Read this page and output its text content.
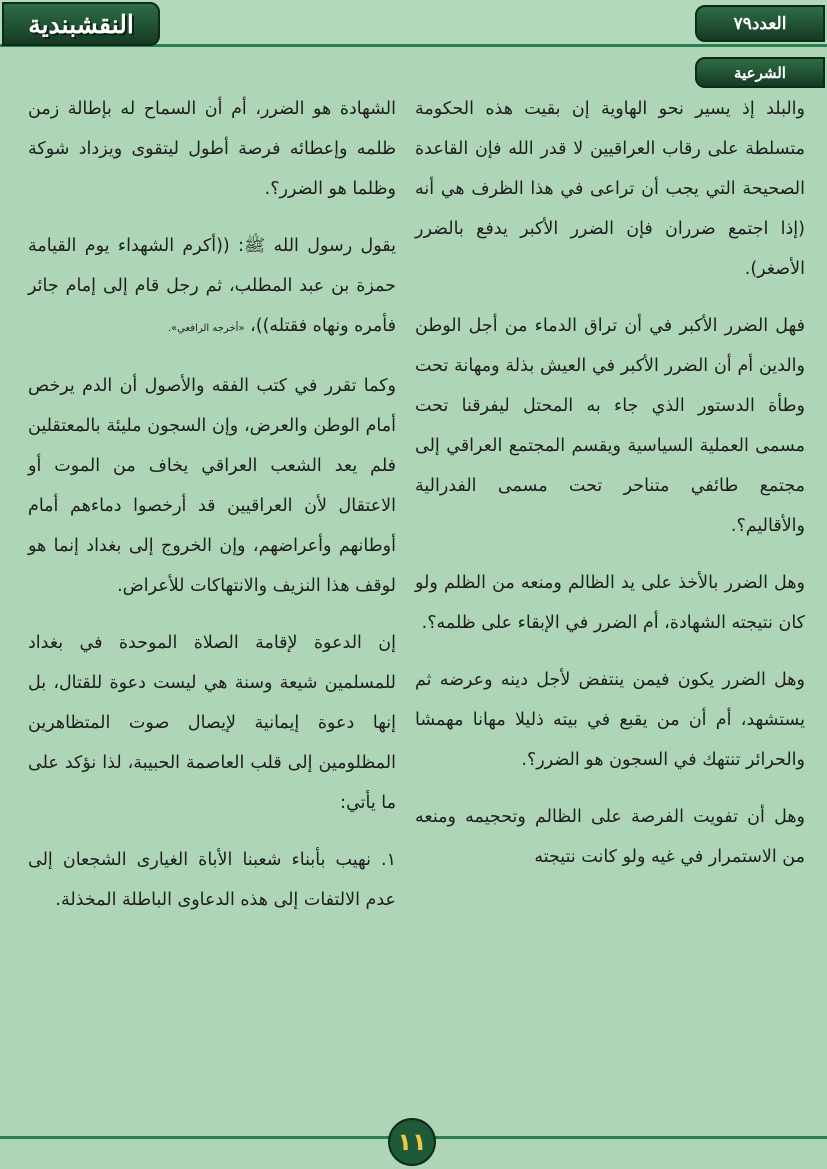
النقشبندية	العدد٧٩
الشرعية

والبلد إذ يسير نحو الهاوية إن بقيت هذه الحكومة متسلطة على رقاب العراقيين لا قدر الله فإن القاعدة الصحيحة التي يجب أن تراعى في هذا الظرف هي أنه (إذا اجتمع ضرران فإن الضرر الأكبر يدفع بالضرر الأصغر).

فهل الضرر الأكبر في أن تراق الدماء من أجل الوطن والدين أم أن الضرر الأكبر في العيش بذلة ومهانة تحت وطأة الدستور الذي جاء به المحتل ليفرقنا تحت مسمى العملية السياسية ويقسم المجتمع العراقي إلى مجتمع طائفي متناحر تحت مسمى الفدرالية والأقاليم؟.

وهل الضرر بالأخذ على يد الظالم ومنعه من الظلم ولو كان نتيجته الشهادة، أم الضرر في الإبقاء على ظلمه؟.

وهل الضرر يكون فيمن ينتفض لأجل دينه وعرضه ثم يستشهد، أم أن من يقبع في بيته ذليلا مهانا مهمشا والحرائر تنتهك في السجون هو الضرر؟.

وهل أن تفويت الفرصة على الظالم وتحجيمه ومنعه من الاستمرار في غيه ولو كانت نتيجته

الشهادة هو الضرر، أم أن السماح له بإطالة زمن ظلمه وإعطائه فرصة أطول ليتقوى ويزداد شوكة وظلما هو الضرر؟.

يقول رسول الله ﷺ: ((أكرم الشهداء يوم القيامة حمزة بن عبد المطلب، ثم رجل قام إلى إمام جائر فأمره ونهاه فقتله))، «أخرجه الرافعي».

وكما تقرر في كتب الفقه والأصول أن الدم يرخص أمام الوطن والعرض، وإن السجون مليئة بالمعتقلين فلم يعد الشعب العراقي يخاف من الموت أو الاعتقال لأن العراقيين قد أرخصوا دماءهم أمام أوطانهم وأعراضهم، وإن الخروج إلى بغداد إنما هو لوقف هذا النزيف والانتهاكات للأعراض.

إن الدعوة لإقامة الصلاة الموحدة في بغداد للمسلمين شيعة وسنة هي ليست دعوة للقتال، بل إنها دعوة إيمانية لإيصال صوت المتظاهرين المظلومين إلى قلب العاصمة الحبيبة، لذا نؤكد على ما يأتي:

١. نهيب بأبناء شعبنا الأباة الغيارى الشجعان إلى عدم الالتفات إلى هذه الدعاوى الباطلة المخذلة.

١١
